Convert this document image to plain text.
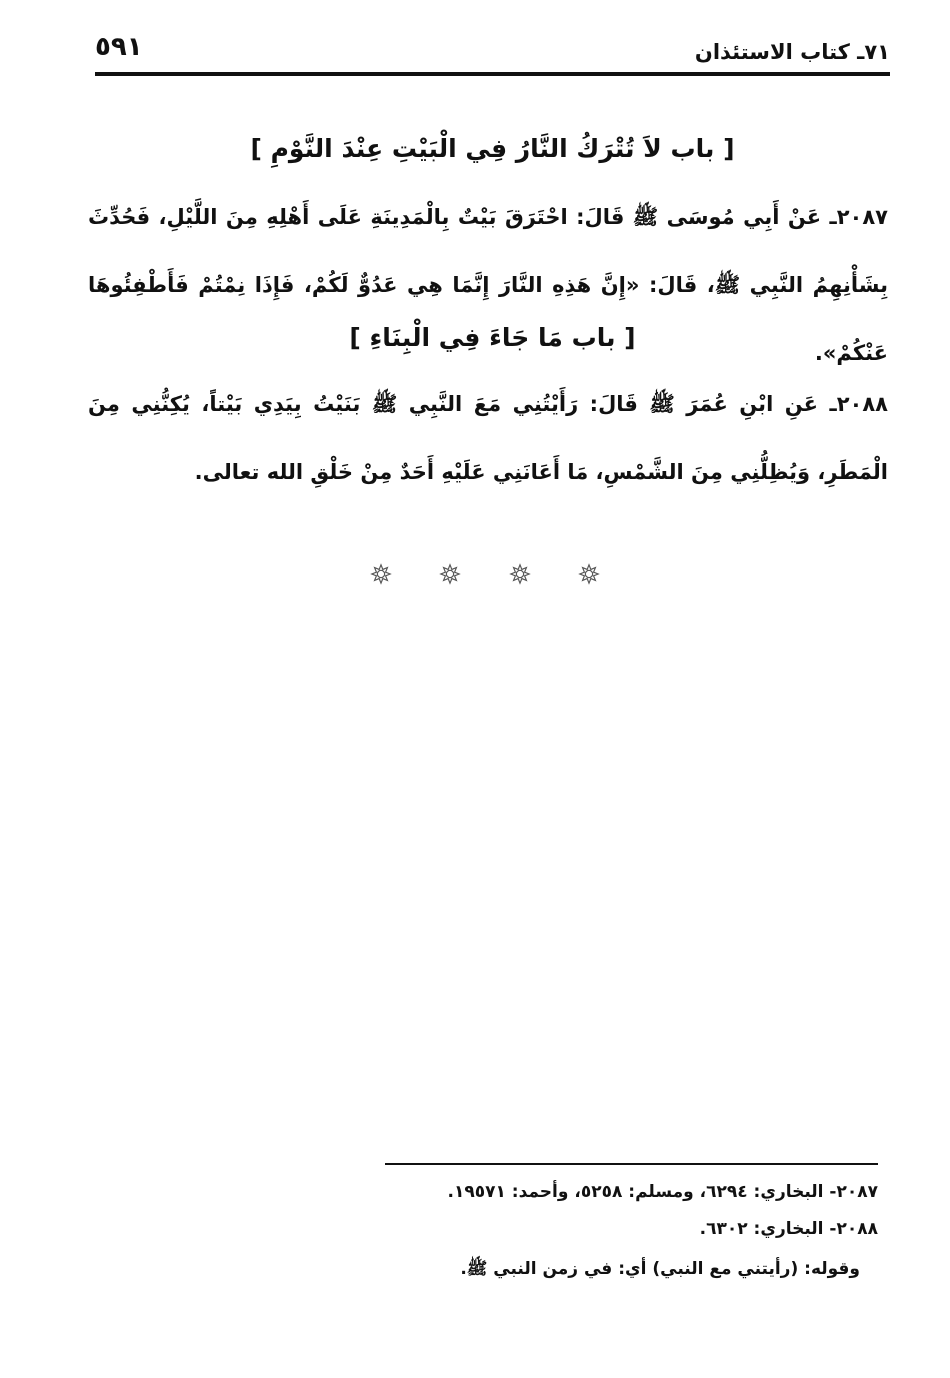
٥٩١	٧١ـ كتاب الاستئذان
[ باب لاَ تُتْرَكُ النَّارُ فِي الْبَيْتِ عِنْدَ النَّوْمِ ]
٢٠٨٧ـ عَنْ أَبِي مُوسَى ﷺ قَالَ: احْتَرَقَ بَيْتٌ بِالْمَدِينَةِ عَلَى أَهْلِهِ مِنَ اللَّيْلِ، فَحُدِّثَ بِشَأْنِهِمُ النَّبِي ﷺ، قَالَ: «إِنَّ هَذِهِ النَّارَ إِنَّمَا هِي عَدُوٌّ لَكُمْ، فَإِذَا نِمْتُمْ فَأَطْفِئُوهَا عَنْكُمْ».
[ باب مَا جَاءَ فِي الْبِنَاءِ ]
٢٠٨٨ـ عَنِ ابْنِ عُمَرَ ﷺ قَالَ: رَأَيْتُنِي مَعَ النَّبِي ﷺ بَنَيْتُ بِيَدِي بَيْتاً، يُكِنُّنِي مِنَ الْمَطَرِ، وَيُظِلُّنِي مِنَ الشَّمْسِ، مَا أَعَانَنِي عَلَيْهِ أَحَدٌ مِنْ خَلْقِ الله تعالى.
٢٠٨٧- البخاري: ٦٢٩٤، ومسلم: ٥٢٥٨، وأحمد: ١٩٥٧١.
٢٠٨٨- البخاري: ٦٣٠٢.
وقوله: (رأيتني مع النبي) أي: في زمن النبي ﷺ.
